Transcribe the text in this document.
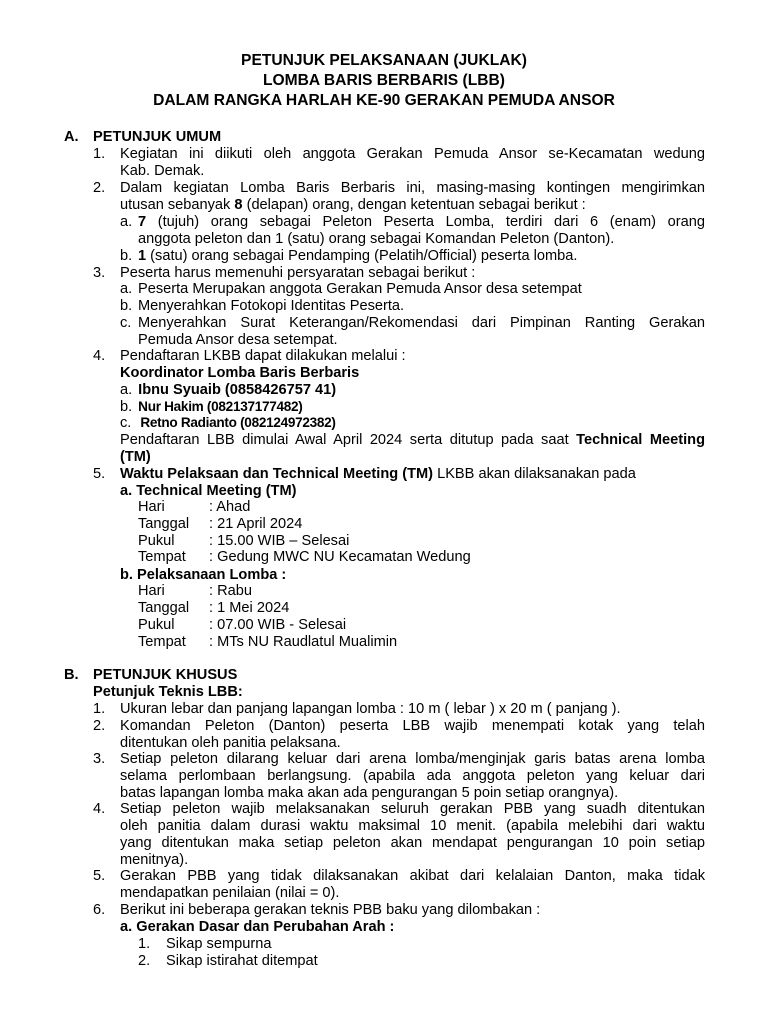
PETUNJUK PELAKSANAAN (JUKLAK)
LOMBA BARIS BERBARIS (LBB)
DALAM RANGKA HARLAH KE-90 GERAKAN PEMUDA ANSOR
A. PETUNJUK UMUM
1. Kegiatan ini diikuti oleh anggota Gerakan Pemuda Ansor se-Kecamatan wedung
Kab. Demak.
2. Dalam kegiatan Lomba Baris Berbaris ini, masing-masing kontingen mengirimkan
utusan sebanyak 8 (delapan) orang, dengan ketentuan sebagai berikut :
a. 7 (tujuh) orang sebagai Peleton Peserta Lomba, terdiri dari 6 (enam) orang
anggota peleton dan 1 (satu) orang sebagai Komandan Peleton (Danton).
b. 1 (satu) orang sebagai Pendamping (Pelatih/Official) peserta lomba.
3. Peserta harus memenuhi persyaratan sebagai berikut :
a. Peserta Merupakan anggota Gerakan Pemuda Ansor desa setempat
b. Menyerahkan Fotokopi Identitas Peserta.
c. Menyerahkan Surat Keterangan/Rekomendasi dari Pimpinan Ranting Gerakan
Pemuda Ansor desa setempat.
4. Pendaftaran LKBB dapat dilakukan melalui :
Koordinator Lomba Baris Berbaris
a. Ibnu Syuaib (0858426757 41)
b. Nur Hakim (082137177482)
c. Retno Radianto (082124972382)
Pendaftaran LBB dimulai Awal April 2024 serta ditutup pada saat Technical Meeting
(TM)
5. Waktu Pelaksaan dan Technical Meeting (TM) LKBB akan dilaksanakan pada
a. Technical Meeting (TM)
Hari	: Ahad
Tanggal : 21 April 2024
Pukul : 15.00 WIB – Selesai
Tempat : Gedung MWC NU Kecamatan Wedung
b. Pelaksanaan Lomba :
Hari	: Rabu
Tanggal : 1 Mei 2024
Pukul : 07.00 WIB - Selesai
Tempat : MTs NU Raudlatul Mualimin
B. PETUNJUK KHUSUS
Petunjuk Teknis LBB:
1. Ukuran lebar dan panjang lapangan lomba : 10 m ( lebar ) x 20 m ( panjang ).
2. Komandan Peleton (Danton) peserta LBB wajib menempati kotak yang telah
ditentukan oleh panitia pelaksana.
3. Setiap peleton dilarang keluar dari arena lomba/menginjak garis batas arena lomba
selama perlombaan berlangsung. (apabila ada anggota peleton yang keluar dari
batas lapangan lomba maka akan ada pengurangan 5 poin setiap orangnya).
4. Setiap peleton wajib melaksanakan seluruh gerakan PBB yang suadh ditentukan
oleh panitia dalam durasi waktu maksimal 10 menit. (apabila melebihi dari waktu
yang ditentukan maka setiap peleton akan mendapat pengurangan 10 poin setiap
menitnya).
5. Gerakan PBB yang tidak dilaksanakan akibat dari kelalaian Danton, maka tidak
mendapatkan penilaian (nilai = 0).
6. Berikut ini beberapa gerakan teknis PBB baku yang dilombakan :
a. Gerakan Dasar dan Perubahan Arah :
1. Sikap sempurna
2. Sikap istirahat ditempat
